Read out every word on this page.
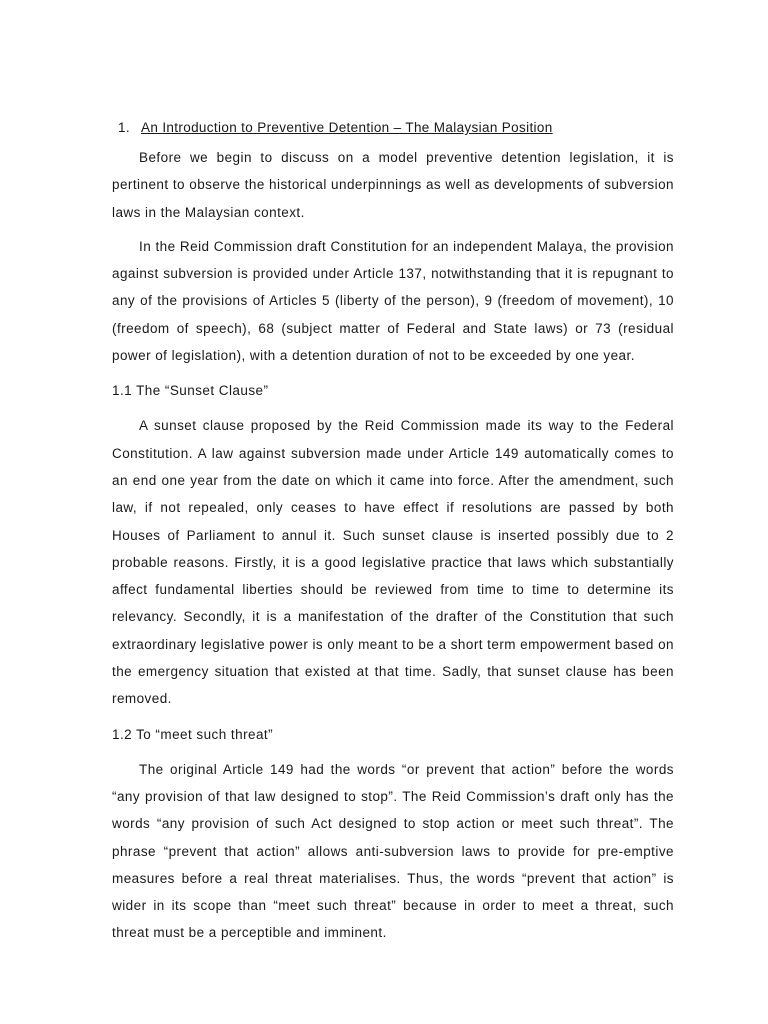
1. An Introduction to Preventive Detention – The Malaysian Position

Before we begin to discuss on a model preventive detention legislation, it is pertinent to observe the historical underpinnings as well as developments of subversion laws in the Malaysian context.

In the Reid Commission draft Constitution for an independent Malaya, the provision against subversion is provided under Article 137, notwithstanding that it is repugnant to any of the provisions of Articles 5 (liberty of the person), 9 (freedom of movement), 10 (freedom of speech), 68 (subject matter of Federal and State laws) or 73 (residual power of legislation), with a detention duration of not to be exceeded by one year.

1.1 The “Sunset Clause”

A sunset clause proposed by the Reid Commission made its way to the Federal Constitution. A law against subversion made under Article 149 automatically comes to an end one year from the date on which it came into force. After the amendment, such law, if not repealed, only ceases to have effect if resolutions are passed by both Houses of Parliament to annul it. Such sunset clause is inserted possibly due to 2 probable reasons. Firstly, it is a good legislative practice that laws which substantially affect fundamental liberties should be reviewed from time to time to determine its relevancy. Secondly, it is a manifestation of the drafter of the Constitution that such extraordinary legislative power is only meant to be a short term empowerment based on the emergency situation that existed at that time. Sadly, that sunset clause has been removed.

1.2 To “meet such threat”

The original Article 149 had the words “or prevent that action” before the words “any provision of that law designed to stop”. The Reid Commission’s draft only has the words “any provision of such Act designed to stop action or meet such threat”. The phrase “prevent that action” allows anti-subversion laws to provide for pre-emptive measures before a real threat materialises. Thus, the words “prevent that action” is wider in its scope than “meet such threat” because in order to meet a threat, such threat must be a perceptible and imminent.
